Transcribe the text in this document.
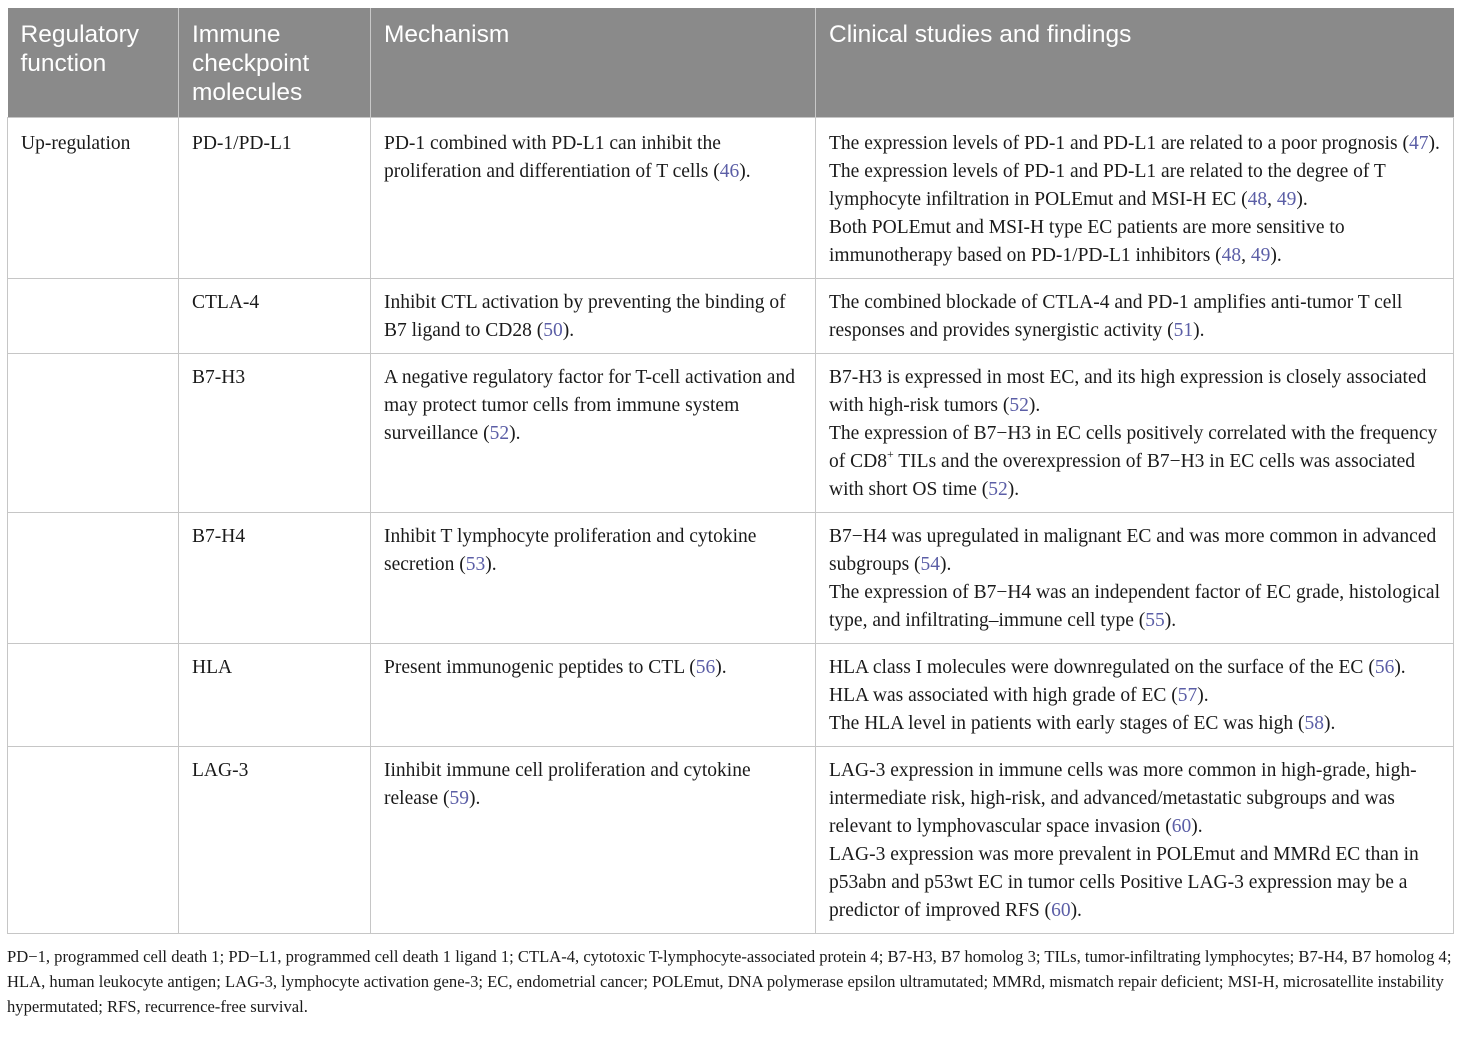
Regulatory function	Immune checkpoint molecules	Mechanism	Clinical studies and findings
Up-regulation	PD-1/PD-L1	PD-1 combined with PD-L1 can inhibit the proliferation and differentiation of T cells (46).	The expression levels of PD-1 and PD-L1 are related to a poor prognosis (47).
The expression levels of PD-1 and PD-L1 are related to the degree of T lymphocyte infiltration in POLEmut and MSI-H EC (48, 49).
Both POLEmut and MSI-H type EC patients are more sensitive to immunotherapy based on PD-1/PD-L1 inhibitors (48, 49).

	CTLA-4	Inhibit CTL activation by preventing the binding of B7 ligand to CD28 (50).	The combined blockade of CTLA-4 and PD-1 amplifies anti-tumor T cell responses and provides synergistic activity (51).

	B7-H3	A negative regulatory factor for T-cell activation and may protect tumor cells from immune system surveillance (52).	B7-H3 is expressed in most EC, and its high expression is closely associated with high-risk tumors (52).
The expression of B7−H3 in EC cells positively correlated with the frequency of CD8+ TILs and the overexpression of B7−H3 in EC cells was associated with short OS time (52).

	B7-H4	Inhibit T lymphocyte proliferation and cytokine secretion (53).	B7−H4 was upregulated in malignant EC and was more common in advanced subgroups (54).
The expression of B7−H4 was an independent factor of EC grade, histological type, and infiltrating–immune cell type (55).

	HLA	Present immunogenic peptides to CTL (56).	HLA class I molecules were downregulated on the surface of the EC (56).
HLA was associated with high grade of EC (57).
The HLA level in patients with early stages of EC was high (58).

	LAG-3	Iinhibit immune cell proliferation and cytokine release (59).	LAG-3 expression in immune cells was more common in high-grade, high-intermediate risk, high-risk, and advanced/metastatic subgroups and was relevant to lymphovascular space invasion (60).
LAG-3 expression was more prevalent in POLEmut and MMRd EC than in p53abn and p53wt EC in tumor cells Positive LAG-3 expression may be a predictor of improved RFS (60).
PD−1, programmed cell death 1; PD−L1, programmed cell death 1 ligand 1; CTLA-4, cytotoxic T-lymphocyte-associated protein 4; B7-H3, B7 homolog 3; TILs, tumor-infiltrating lymphocytes; B7-H4, B7 homolog 4; HLA, human leukocyte antigen; LAG-3, lymphocyte activation gene-3; EC, endometrial cancer; POLEmut, DNA polymerase epsilon ultramutated; MMRd, mismatch repair deficient; MSI-H, microsatellite instability hypermutated; RFS, recurrence-free survival.
